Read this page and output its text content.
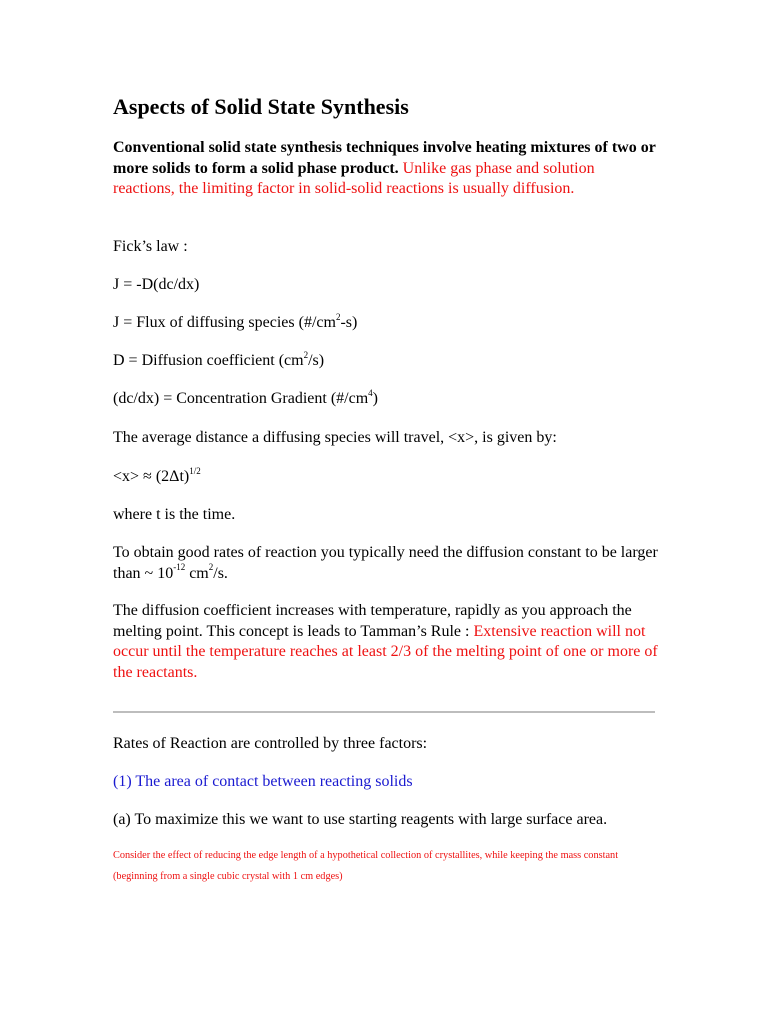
Aspects of Solid State Synthesis

Conventional solid state synthesis techniques involve heating mixtures of two or more solids to form a solid phase product. Unlike gas phase and solution reactions, the limiting factor in solid-solid reactions is usually diffusion.

Fick’s law :

J = -D(dc/dx)

J = Flux of diffusing species $(\#/cm^2-s)$

D = Diffusion coefficient $(cm^2/s)$

(dc/dx) = Concentration Gradient $(\#/cm^4)$

The average distance a diffusing species will travel, <x>, is given by:

$<x> \approx (2\Delta t)^{1/2}$

where t is the time.

To obtain good rates of reaction you typically need the diffusion constant to be larger than ~ $10^{-12}$ $cm^2/s$.

The diffusion coefficient increases with temperature, rapidly as you approach the melting point. This concept is leads to Tamman’s Rule : Extensive reaction will not occur until the temperature reaches at least 2/3 of the melting point of one or more of the reactants.

Rates of Reaction are controlled by three factors:

(1) The area of contact between reacting solids

(a) To maximize this we want to use starting reagents with large surface area.

Consider the effect of reducing the edge length of a hypothetical collection of crystallites, while keeping the mass constant (beginning from a single cubic crystal with 1 cm edges)
